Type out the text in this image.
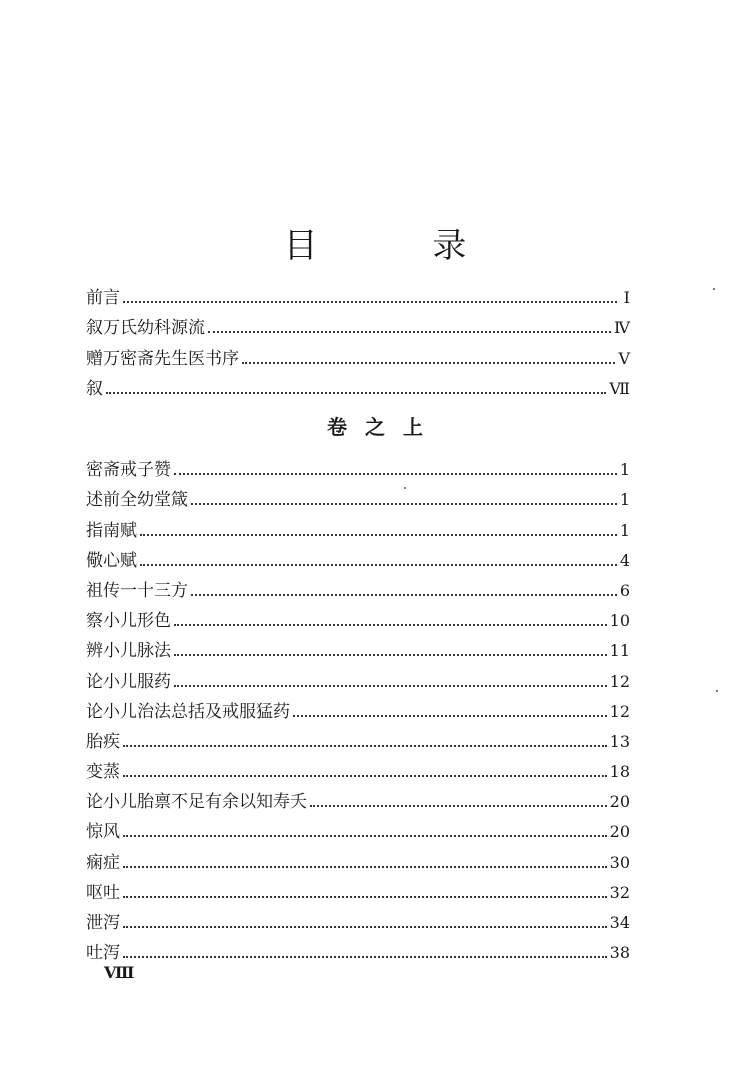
目 录
前言	Ⅰ
叙万氏幼科源流	Ⅳ
赠万密斋先生医书序	Ⅴ
叙	Ⅶ
卷之上
密斋戒子赞	1
述前全幼堂箴	1
指南赋	1
儆心赋	4
祖传一十三方	6
察小儿形色	10
辨小儿脉法	11
论小儿服药	12
论小儿治法总括及戒服猛药	12
胎疾	13
变蒸	18
论小儿胎禀不足有余以知寿夭	20
惊风	20
痫症	30
呕吐	32
泄泻	34
吐泻	38
Ⅷ
